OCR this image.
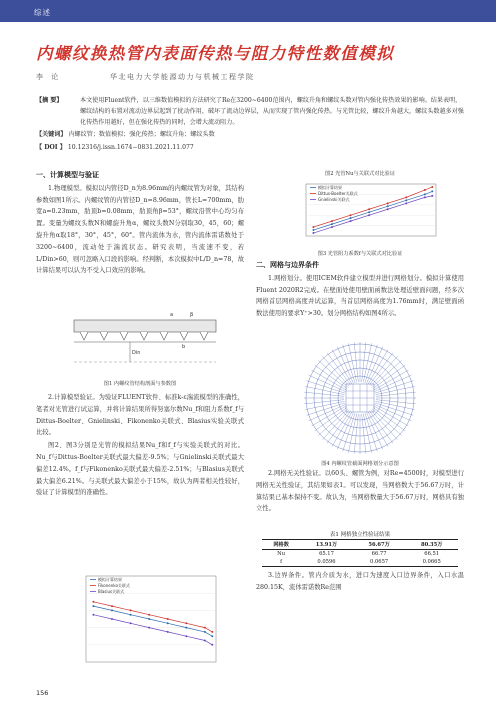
综述
内螺纹换热管内表面传热与阻力特性数值模拟
李 论	华北电力大学能源动力与机械工程学院
【摘 要】	本文使用Fluent软件，以三维数值模拟的方法研究了Re在3200~6400范围内，螺纹升角和螺纹头数对管内强化传热效果的影响。结果表明，螺纹结构的布置对流动边界层起到了扰动作用，破坏了流动边界层，从而实现了管内强化传热。与光管比较，螺纹升角越大，螺纹头数越多对强化传热作用越好，但在强化传热的同时，会增大流动阻力。
【关键词】 内螺纹管；数值模拟；强化传热；螺纹升角；螺纹头数
【 DOI 】 10.12316/j.issn.1674−0831.2021.11.077
一、计算模型与验证
1.物理模型。模拟以内管径D_n为8.96mm的内螺纹管为对象，其结构参数如图1所示。内螺纹管的内管径D_n=8.96mm，管长L=700mm，肋宽a=0.23mm，肋顶b=0.08mm，肋顶角β=53°，螺纹沿管中心均匀布置。变量为螺纹头数N和螺旋升角α，螺纹头数N分别取30，45，60；螺旋升角α取18°，30°，45°，60°。管内流体为水，管内流体雷诺数处于3200~6400，流动处于湍流状态。研究表明，当流速不变，若L/Din>60，则可忽略入口段的影响。经判断，本次模拟中L/D_n=78，故计算结果可以认为不受入口效应的影响。
Din
a
b
β
图1 内螺纹管结构剖面与参数图
2.计算模型验证。为验证FLUENT软件、标准k-ε湍流模型的准确性，笔者对光管进行试运算，并将计算结果所得努塞尔数Nu_f和阻力系数f_f与Dittus-Boelter、Gnielinski、Fikonenko关联式、Blasius实验关联式比较。
图2、图3分别是光管的模拟结果Nu_f和f_f与实验关联式的对比。Nu_f与Dittus-Boelter关联式最大偏差-9.5%；与Gnielinski关联式最大偏差12.4%。f_f与Fikonenko关联式最大偏差-2.51%；与Blasius关联式最大偏差6.21%。与关联式最大偏差小于15%，故认为两者相关性较好，验证了计算模型的准确性。
模拟计算结果
Fikonenko关联式
Blasius关联式
图2 光管Nu与关联式对比验证
模拟计算结果
Dittus-Boelter关联式
Gnielinski关联式
图3 光管阻力系数f与关联式对比验证
二、网格与边界条件
1.网格划分。使用ICEM软件建立模型并进行网格划分。模拟计算使用Fluent 2020R2完成。在壁面处使用壁面函数法处理近壁面问题，经多次网格首层网格高度并试运算，当首层网格高度为1.76mm时，满足壁面函数法使用的要求Y⁺>30。划分网格结构如图4所示。
图4 内螺纹管截面网格划分示意图
2.网格无关性验证。以60头、螺管为例，对Re=4500时，对模型进行网格无关性验证，其结果如表1。可以发现，当网格数大于56.67万时，计算结果已基本保持不变。故认为，当网格数量大于56.67万时，网格具有独立性。
表1 网格独立性验证结果
网格数	13.91万	56.67万	80.35万
Nu	65.17	66.77	66.51
f	0.0596	0.0657	0.0665
3.边界条件。管内介质为水，进口为速度入口边界条件，入口水温280.15K，流体雷诺数Re范围
156
